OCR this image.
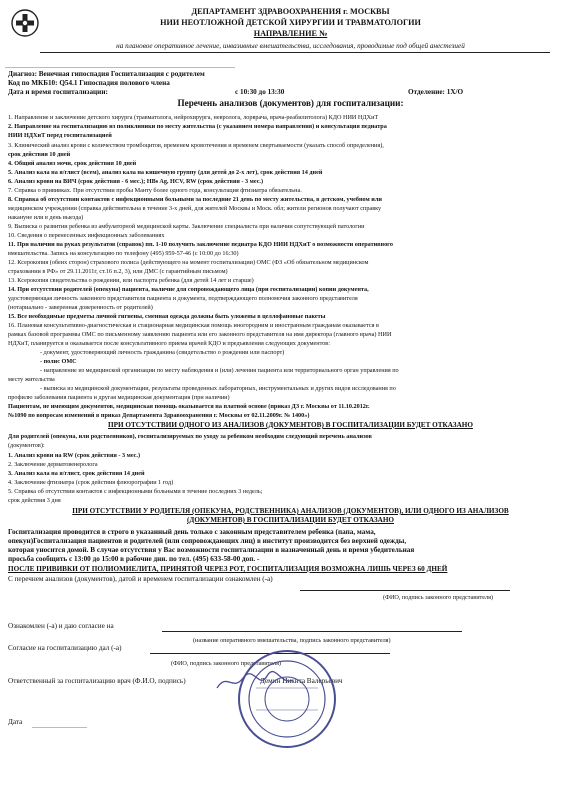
ДЕПАРТАМЕНТ ЗДРАВООХРАНЕНИЯ г. МОСКВЫ
НИИ НЕОТЛОЖНОЙ ДЕТСКОЙ ХИРУРГИИ И ТРАВМАТОЛОГИИ
НАПРАВЛЕНИЕ №
на плановое оперативное лечение, инвазивные вмешательства, исследования, проводимые под общей анестезией
Диагноз: Венечная гипоспадия Госпитализация с родителем
Код по МКБ10: Q54.1 Гипоспадия полового члена
Дата и время госпитализации:	с 10:30 до 13:30	Отделение: 1Х/О
Перечень анализов (документов) для госпитализации:
1. Направление и заключение детского хирурга (травматолога, нейрохирурга, невролога, лорврача, врача-реабилитолога) КДО НИИ НДХиТ
2. Направление на госпитализацию из поликлиники по месту жительства (с указанием номера направления) и консультация педиатра
НИИ НДХиТ перед госпитализацией
3. Клинический анализ крови с количеством тромбоцитов, временем кровотечения и временем свертываемости (указать способ определения),
срок действия 10 дней
4. Общий анализ мочи, срок действия 10 дней
5. Анализ кала на я/глист (всем), анализ кала на кишечную группу (для детей до 2-х лет), срок действия 14 дней
6. Анализ крови на ВИЧ (срок действия - 6 мес.); HBs Ag, HCV, RW (срок действия - 3 мес.)
7. Справка о прививках. При отсутствии пробы Манту более одного года, консультация фтизиатра обязательна.
8. Справка об отсутствии контактов с инфекционными больными за последние 21 день по месту жительства, в детском, учебном или
медицинском учреждении (справка действительна в течение 3-х дней, для жителей Москвы и Моск. обл; жители регионов получают справку
накануне или в день выезда)
9. Выписка о развитии ребенка из амбулаторной медицинской карты. Заключение специалиста при наличии сопутствующей патологии
10. Сведения о перенесенных инфекционных заболеваниях
11. При наличии на руках результатов (справок) пп. 1-10 получить заключение педиатра КДО НИИ НДХиТ о возможности оперативного
вмешательства. Запись на консультацию по телефону (495) 959-57-46 (с 10:00 до 16:30)
12. Ксерокопия (обеих сторон) страхового полиса (действующего на момент госпитализации) ОМС (ФЗ «Об обязательном медицинском
страховании в РФ» от 29.11.2011г, ст.16 п.2, 3), или ДМС (с гарантийным письмом)
13. Ксерокопия свидетельства о рождении, или паспорта ребенка (для детей 14 лет и старше)
14. При отсутствии родителей (опекуна) пациента, наличие для сопровождающего лица (при госпитализации) копии документа,
удостоверяющая личность законного представителя пациента и документа, подтверждающего полномочия законного представителя
(нотариально - заверенная доверенность от родителей)
15. Все необходимые предметы личной гигиены, сменная одежда должны быть уложены в целлофановые пакеты
16. Плановая консультативно-диагностическая и стационарная медицинская помощь иногородним и иностранным гражданам оказывается в
рамках базовой программы ОМС по письменному заявлению пациента или его законного представителя на имя директора (главного врача) НИИ
НДХиТ, планируется и оказывается после консультативного приема врачей КДО и предъявления следующих документов:
- документ, удостоверяющий личность гражданина (свидетельство о рождении или паспорт)
- полис ОМС
- направление из медицинской организации по месту наблюдения и (или) лечения пациента или территориального орган управления по
месту жительства
- выписка из медицинской документации, результаты проведенных лабораторных, инструментальных и других видов исследования по
профилю заболевания пациента и другая медицинская документация (при наличии)
Пациентам, не имеющим документов, медицинская помощь оказывается на платной основе (приказ ДЗ г. Москвы от 11.10.2012г.
№1090 по вопросам изменений в приказ Департамента Здравоохранения г. Москвы от 02.11.2009г. № 1400»)
ПРИ ОТСУТСТВИИ ОДНОГО ИЗ АНАЛИЗОВ (ДОКУМЕНТОВ) В ГОСПИТАЛИЗАЦИИ БУДЕТ ОТКАЗАНО
Для родителей (опекуна, или родственников), госпитализируемых по уходу за ребенком необходим следующий перечень анализов
(документов):
1. Анализ крови на RW (срок действия - 3 мес.)
2. Заключение дерматовенеролога
3. Анализ кала на я/глист, срок действия 14 дней
4. Заключение фтизиатра (срок действия флюорографии 1 год)
5. Справка об отсутствии контактов с инфекционными больными в течение последних 3 недель;
срок действия 3 дня
ПРИ ОТСУТСТВИИ У РОДИТЕЛЯ (ОПЕКУНА, РОДСТВЕННИКА) АНАЛИЗОВ (ДОКУМЕНТОВ), ИЛИ ОДНОГО ИЗ АНАЛИЗОВ
(ДОКУМЕНТОВ) В ГОСПИТАЛИЗАЦИИ БУДЕТ ОТКАЗАНО
Госпитализация проводится в строго в указанный день только с законным представителем ребенка (папа, мама,
опекун)Госпитализация пациентов и родителей (или сопровождающих лиц) в институт производится без верхней одежды,
которая уносится домой. В случае отсутствия у Вас возможности госпитализации в назначенный день и время убедительная
просьба сообщить с 13:00 до 15:00 в рабочие дни. по тел. (495) 633-58-00 доп. -
ПОСЛЕ ПРИВИВКИ ОТ ПОЛИОМИЕЛИТА, ПРИНЯТОЙ ЧЕРЕЗ РОТ, ГОСПИТАЛИЗАЦИЯ ВОЗМОЖНА ЛИШЬ ЧЕРЕЗ 60 ДНЕЙ
С перечнем анализов (документов), датой и временем госпитализации ознакомлен (-а)
(ФИО, подпись законного представителя)
Ознакомлен (-а) и даю согласие на
(название оперативного вмешательства, подпись законного представителя)
Согласие на госпитализацию дал (-а)
(ФИО, подпись законного представителя)
Ответственный за госпитализацию врач (Ф.И.О, подпись)	Демин Никита Валерьевич
Дата
